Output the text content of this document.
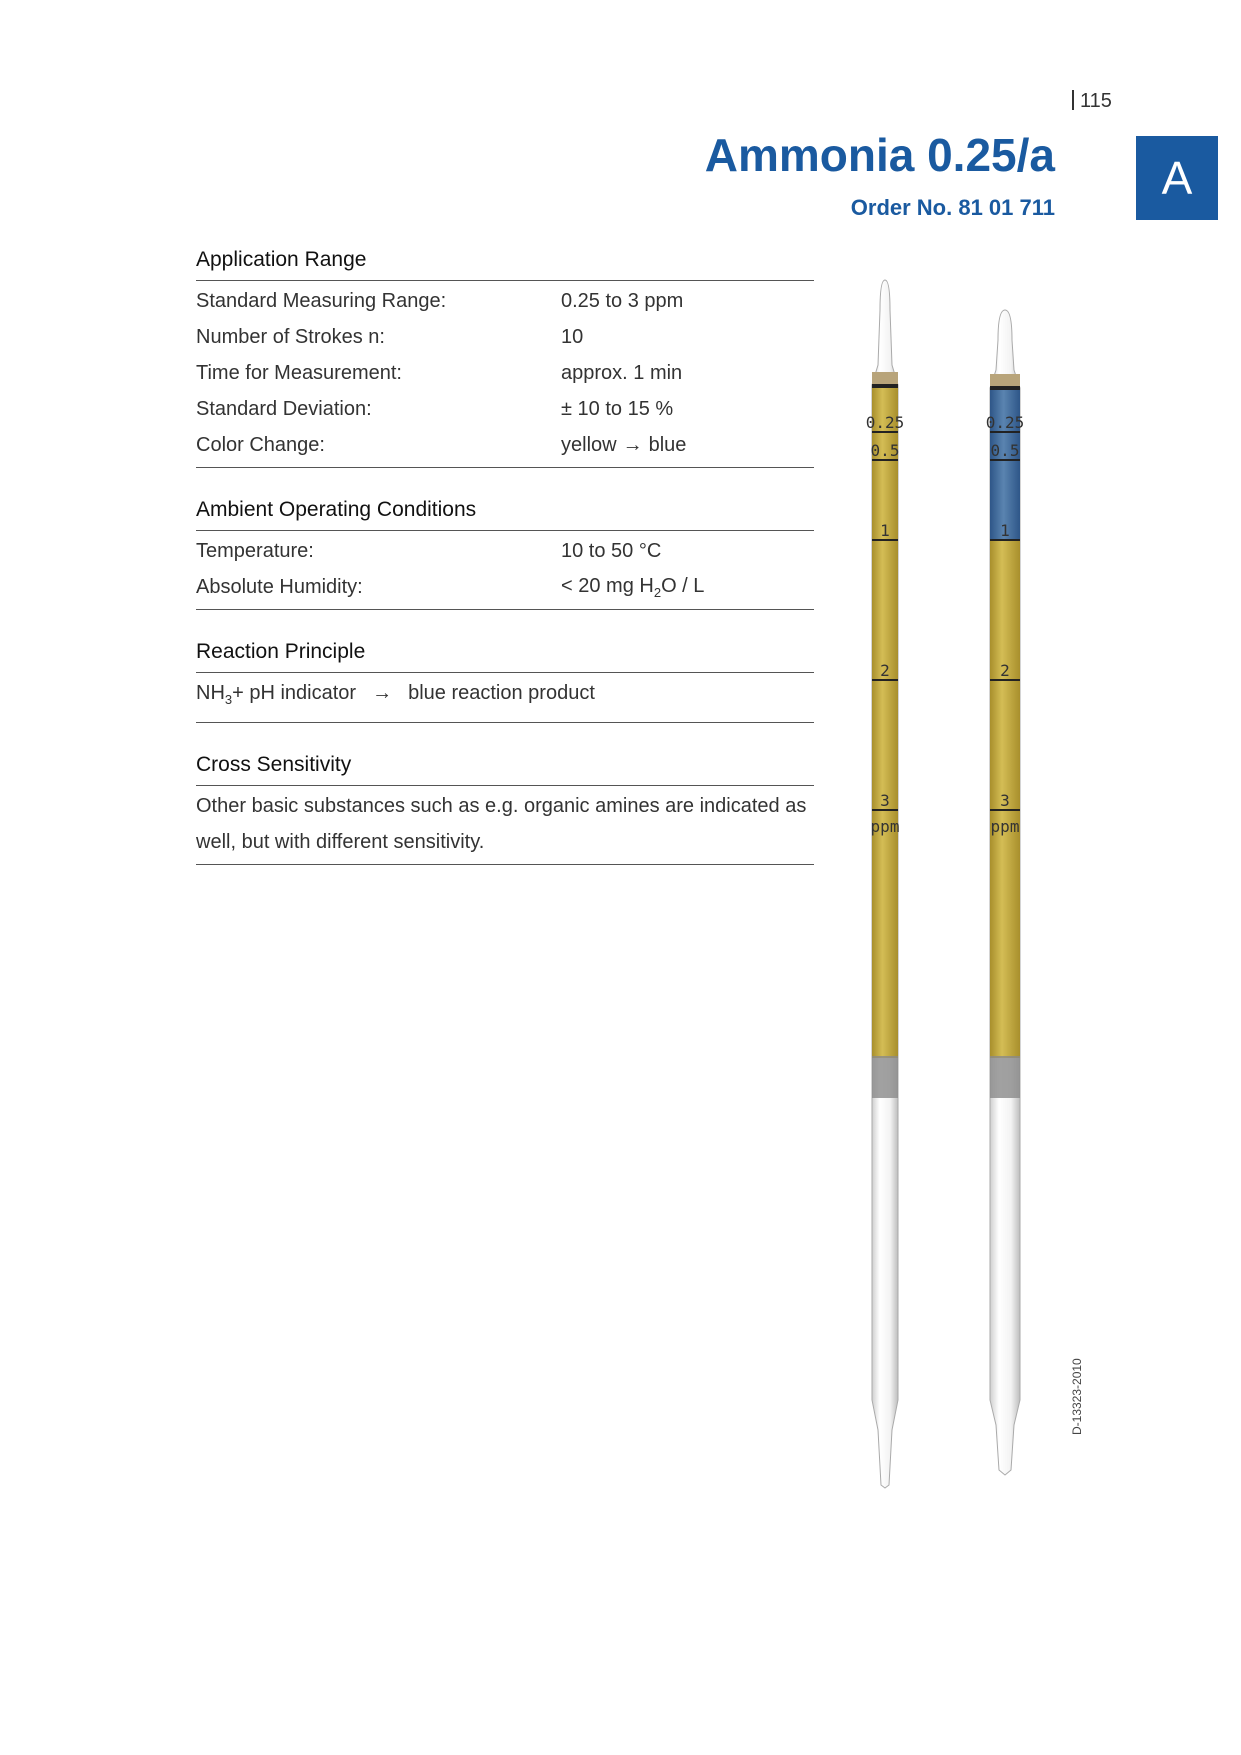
115
Ammonia 0.25/a
Order No. 81 01 711
A
Application Range
Standard Measuring Range:	0.25 to 3 ppm
Number of Strokes n:	10
Time for Measurement:	approx. 1 min
Standard Deviation:	± 10 to 15 %
Color Change:	yellow → blue
Ambient Operating Conditions
Temperature:	10 to 50 °C
Absolute Humidity:	< 20 mg $H_2O$ / L
Reaction Principle
$NH_3+$ pH indicator → blue reaction product
Cross Sensitivity
Other basic substances such as e.g. organic amines are indicated as well, but with different sensitivity.
0.25	0.25
0.5	0.5
1	1
2	2
3	3
ppm	ppm
D-13323-2010
